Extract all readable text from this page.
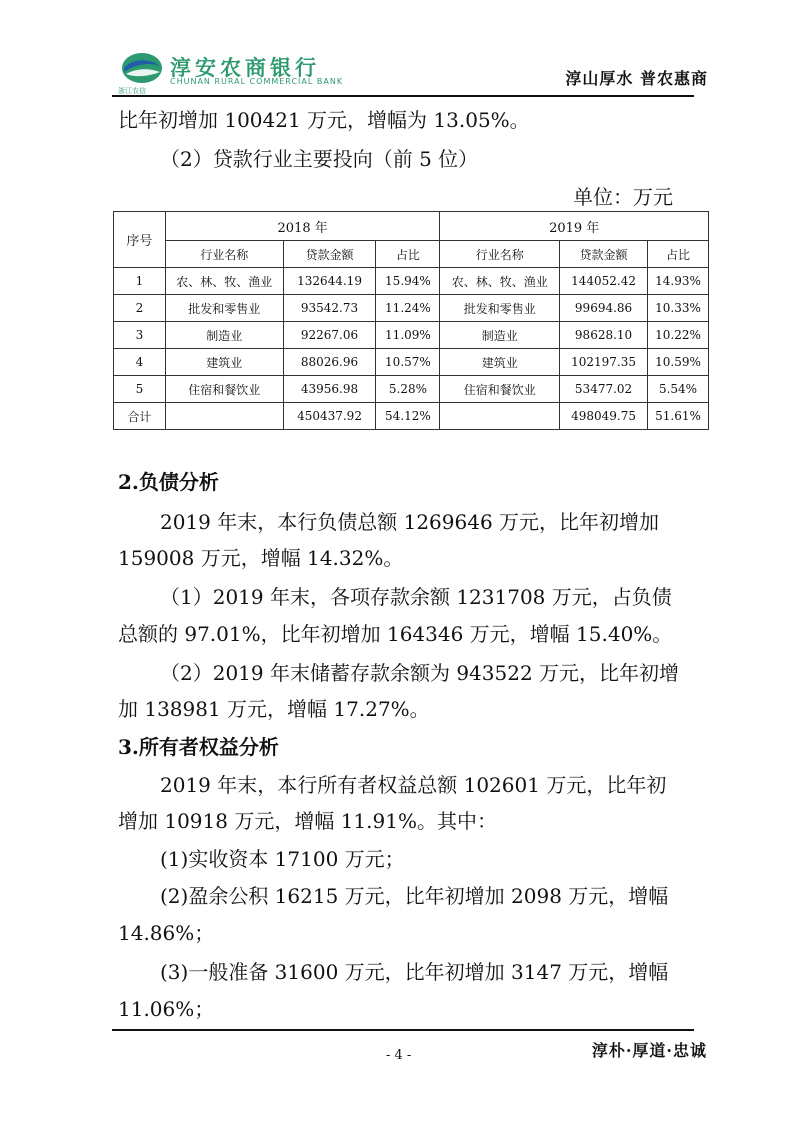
浙江农信
淳安农商银行
CHUNAN RURAL COMMERCIAL BANK	淳山厚水 普农惠商
比年初增加 100421 万元，增幅为 13.05%。
（2）贷款行业主要投向（前 5 位）
单位：万元
序号	2018 年			2019 年		
	行业名称	贷款金额	占比	行业名称	贷款金额	占比
1	农、林、牧、渔业	132644.19	15.94%	农、林、牧、渔业	144052.42	14.93%
2	批发和零售业	93542.73	11.24%	批发和零售业	99694.86	10.33%
3	制造业	92267.06	11.09%	制造业	98628.10	10.22%
4	建筑业	88026.96	10.57%	建筑业	102197.35	10.59%
5	住宿和餐饮业	43956.98	5.28%	住宿和餐饮业	53477.02	5.54%
合计		450437.92	54.12%		498049.75	51.61%
2.负债分析
2019 年末，本行负债总额 1269646 万元，比年初增加
159008 万元，增幅 14.32%。
（1）2019 年末，各项存款余额 1231708 万元，占负债
总额的 97.01%，比年初增加 164346 万元，增幅 15.40%。
（2）2019 年末储蓄存款余额为 943522 万元，比年初增
加 138981 万元，增幅 17.27%。
3.所有者权益分析
2019 年末，本行所有者权益总额 102601 万元，比年初
增加 10918 万元，增幅 11.91%。其中：
(1)实收资本 17100 万元；
(2)盈余公积 16215 万元，比年初增加 2098 万元，增幅
14.86%；
(3)一般准备 31600 万元，比年初增加 3147 万元，增幅
11.06%；
- 4 -	淳朴·厚道·忠诚
